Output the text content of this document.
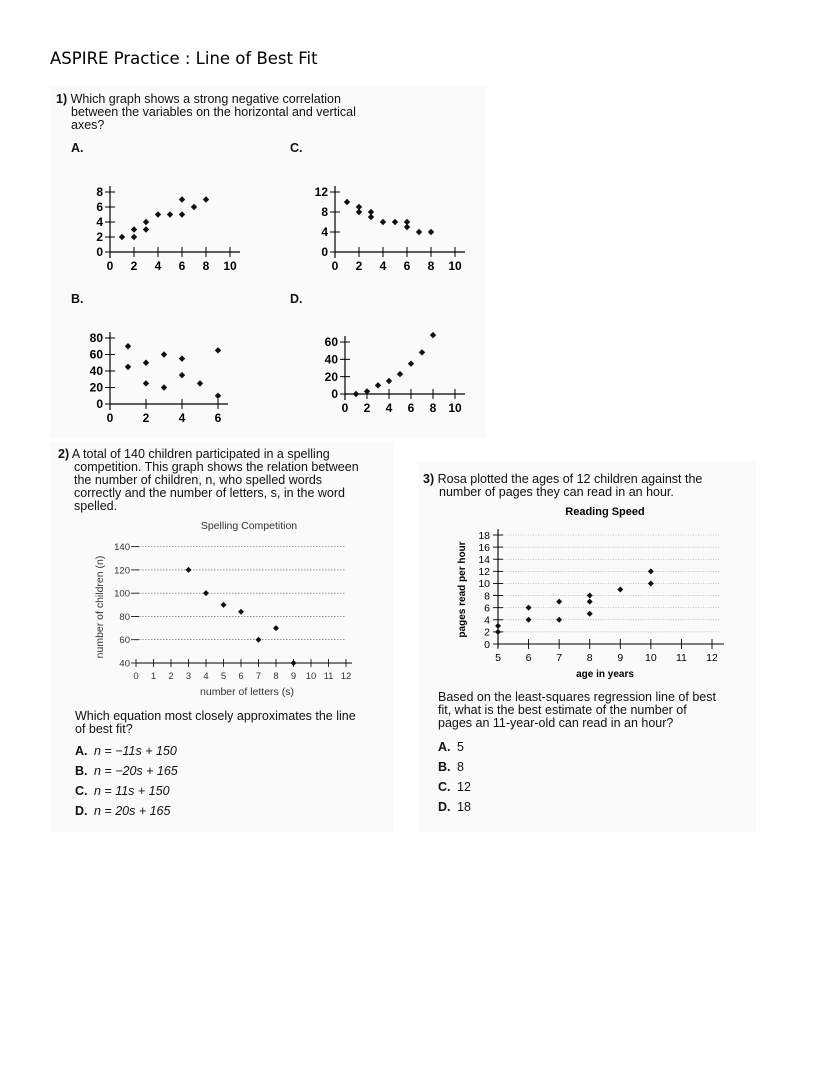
ASPIRE Practice : Line of Best Fit
1) Which graph shows a strong negative correlation
between the variables on the horizontal and vertical
axes?
A.	C.
B.	D.
0 2 4 6 8 10
0
2
4
6
8
0 2 4 6 8 10
0
4
8
12
0 2 4 6
0
20
40
60
80
0 2 4 6 8 10
0
20
40
60
2) A total of 140 children participated in a spelling
competition. This graph shows the relation between
the number of children, n, who spelled words
correctly and the number of letters, s, in the word
spelled.
Spelling Competition
40
60
80
100
120
140
0 1 2 3 4 5 6 7 8 9 10 11 12
number of letters (s)
number of children (n)
Which equation most closely approximates the line
of best fit?
A. n = −11s + 150
B. n = −20s + 165
C. n = 11s + 150
D. n = 20s + 165
3) Rosa plotted the ages of 12 children against the
number of pages they can read in an hour.
Reading Speed
0
2
4
6
8
10
12
14
16
18
5 6 7 8 9 10 11 12
age in years
pages read per hour
Based on the least-squares regression line of best
fit, what is the best estimate of the number of
pages an 11-year-old can read in an hour?
A. 5
B. 8
C. 12
D. 18
